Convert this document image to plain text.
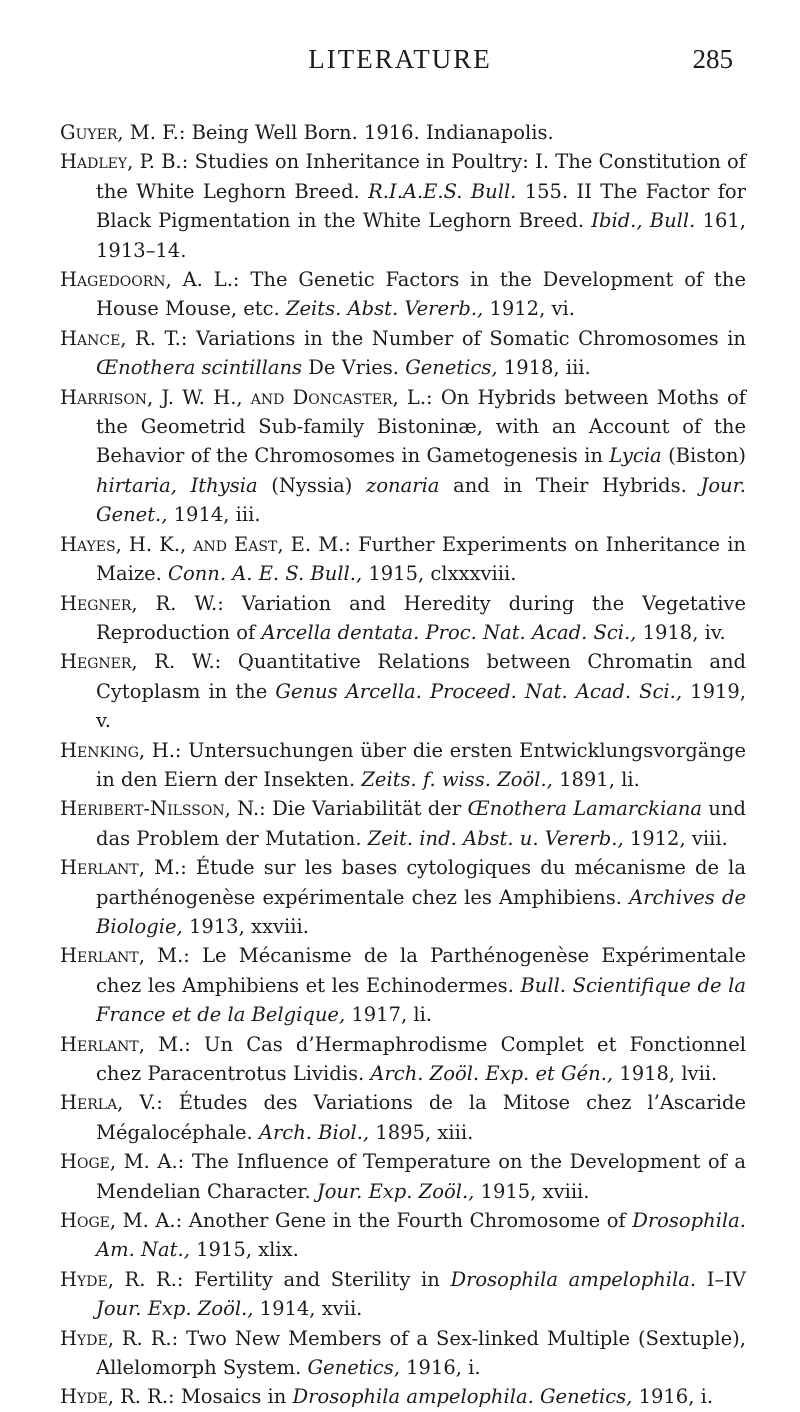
LITERATURE	285

Guyer, M. F.: Being Well Born. 1916. Indianapolis.

Hadley, P. B.: Studies on Inheritance in Poultry: I. The Constitution of the White Leghorn Breed. R.I.A.E.S. Bull. 155. II The Factor for Black Pigmentation in the White Leghorn Breed. Ibid., Bull. 161, 1913–14.

Hagedoorn, A. L.: The Genetic Factors in the Development of the House Mouse, etc. Zeits. Abst. Vererb., 1912, vi.

Hance, R. T.: Variations in the Number of Somatic Chromosomes in Œnothera scintillans De Vries. Genetics, 1918, iii.

Harrison, J. W. H., and Doncaster, L.: On Hybrids between Moths of the Geometrid Sub-family Bistoninæ, with an Account of the Behavior of the Chromosomes in Gametogenesis in Lycia (Biston) hirtaria, Ithysia (Nyssia) zonaria and in Their Hybrids. Jour. Genet., 1914, iii.

Hayes, H. K., and East, E. M.: Further Experiments on Inheritance in Maize. Conn. A. E. S. Bull., 1915, clxxxviii.

Hegner, R. W.: Variation and Heredity during the Vegetative Reproduction of Arcella dentata. Proc. Nat. Acad. Sci., 1918, iv.

Hegner, R. W.: Quantitative Relations between Chromatin and Cytoplasm in the Genus Arcella. Proceed. Nat. Acad. Sci., 1919, v.

Henking, H.: Untersuchungen über die ersten Entwicklungsvorgänge in den Eiern der Insekten. Zeits. f. wiss. Zoöl., 1891, li.

Heribert-Nilsson, N.: Die Variabilität der Œnothera Lamarckiana und das Problem der Mutation. Zeit. ind. Abst. u. Vererb., 1912, viii.

Herlant, M.: Étude sur les bases cytologiques du mécanisme de la parthénogenèse expérimentale chez les Amphibiens. Archives de Biologie, 1913, xxviii.

Herlant, M.: Le Mécanisme de la Parthénogenèse Expérimentale chez les Amphibiens et les Echinodermes. Bull. Scientifique de la France et de la Belgique, 1917, li.

Herlant, M.: Un Cas d’Hermaphrodisme Complet et Fonctionnel chez Paracentrotus Lividis. Arch. Zoöl. Exp. et Gén., 1918, lvii.

Herla, V.: Études des Variations de la Mitose chez l’Ascaride Mégalocéphale. Arch. Biol., 1895, xiii.

Hoge, M. A.: The Influence of Temperature on the Development of a Mendelian Character. Jour. Exp. Zoöl., 1915, xviii.

Hoge, M. A.: Another Gene in the Fourth Chromosome of Drosophila. Am. Nat., 1915, xlix.

Hyde, R. R.: Fertility and Sterility in Drosophila ampelophila. I–IV Jour. Exp. Zoöl., 1914, xvii.

Hyde, R. R.: Two New Members of a Sex-linked Multiple (Sextuple), Allelomorph System. Genetics, 1916, i.

Hyde, R. R.: Mosaics in Drosophila ampelophila. Genetics, 1916, i.
